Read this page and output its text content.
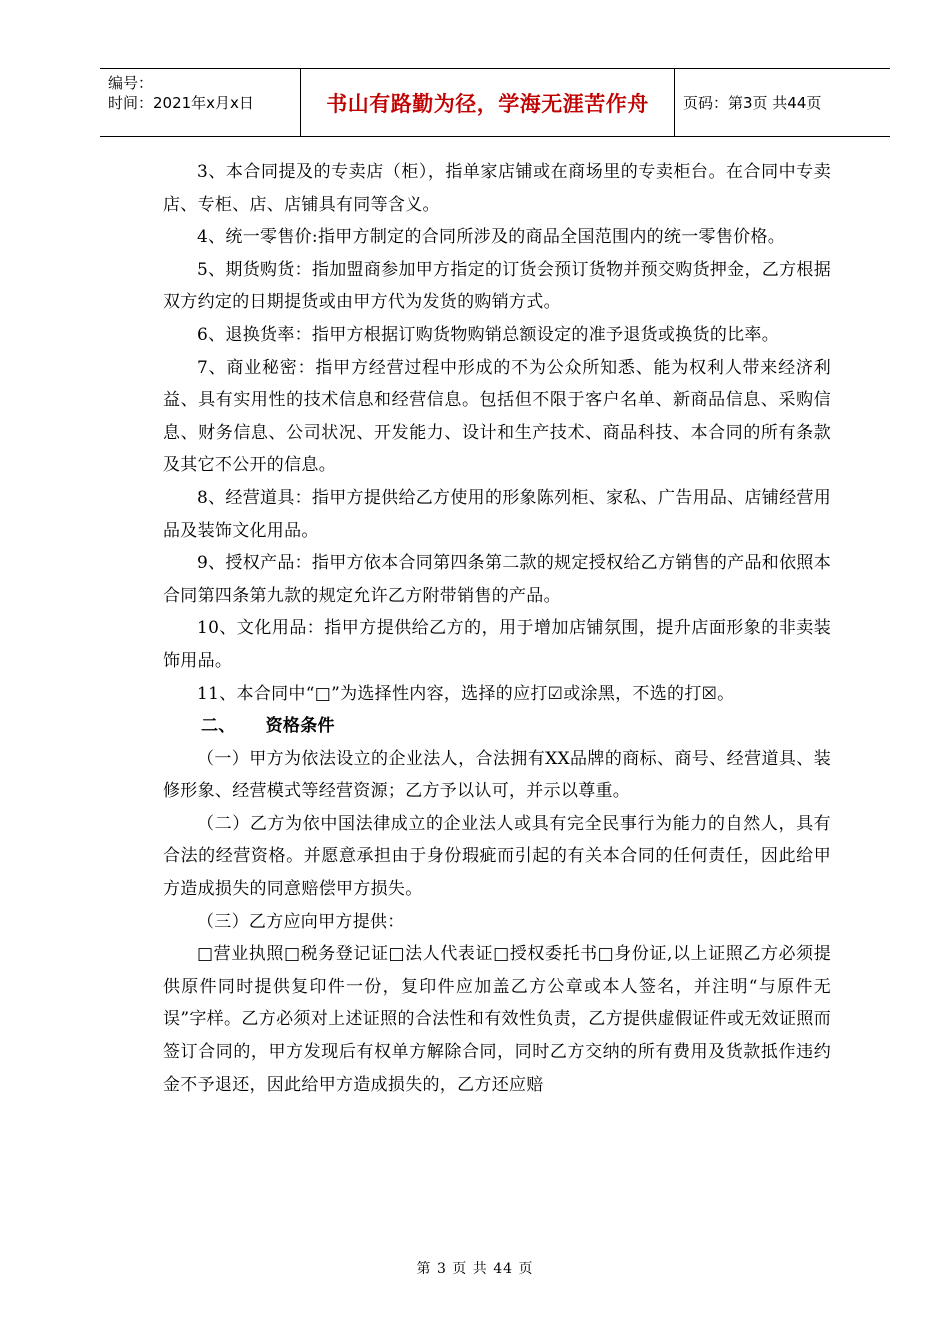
编号：
时间：2021年x月x日	书山有路勤为径，学海无涯苦作舟	页码：第3页 共44页

3、本合同提及的专卖店（柜），指单家店铺或在商场里的专卖柜台。在合同中专卖店、专柜、店、店铺具有同等含义。

4、统一零售价:指甲方制定的合同所涉及的商品全国范围内的统一零售价格。

5、期货购货：指加盟商参加甲方指定的订货会预订货物并预交购货押金，乙方根据双方约定的日期提货或由甲方代为发货的购销方式。

6、退换货率：指甲方根据订购货物购销总额设定的准予退货或换货的比率。

7、商业秘密：指甲方经营过程中形成的不为公众所知悉、能为权利人带来经济利益、具有实用性的技术信息和经营信息。包括但不限于客户名单、新商品信息、采购信息、财务信息、公司状况、开发能力、设计和生产技术、商品科技、本合同的所有条款及其它不公开的信息。

8、经营道具：指甲方提供给乙方使用的形象陈列柜、家私、广告用品、店铺经营用品及装饰文化用品。

9、授权产品：指甲方依本合同第四条第二款的规定授权给乙方销售的产品和依照本合同第四条第九款的规定允许乙方附带销售的产品。

10、文化用品：指甲方提供给乙方的，用于增加店铺氛围，提升店面形象的非卖装饰用品。

11、本合同中“□”为选择性内容，选择的应打☑或涂黑，不选的打☒。

二、 资格条件

（一）甲方为依法设立的企业法人，合法拥有XX品牌的商标、商号、经营道具、装修形象、经营模式等经营资源；乙方予以认可，并示以尊重。

（二）乙方为依中国法律成立的企业法人或具有完全民事行为能力的自然人，具有合法的经营资格。并愿意承担由于身份瑕疵而引起的有关本合同的任何责任，因此给甲方造成损失的同意赔偿甲方损失。

（三）乙方应向甲方提供：

□营业执照□税务登记证□法人代表证□授权委托书□身份证,以上证照乙方必须提供原件同时提供复印件一份，复印件应加盖乙方公章或本人签名，并注明“与原件无误”字样。乙方必须对上述证照的合法性和有效性负责，乙方提供虚假证件或无效证照而签订合同的，甲方发现后有权单方解除合同，同时乙方交纳的所有费用及货款抵作违约金不予退还，因此给甲方造成损失的，乙方还应赔

第 3 页 共 44 页
